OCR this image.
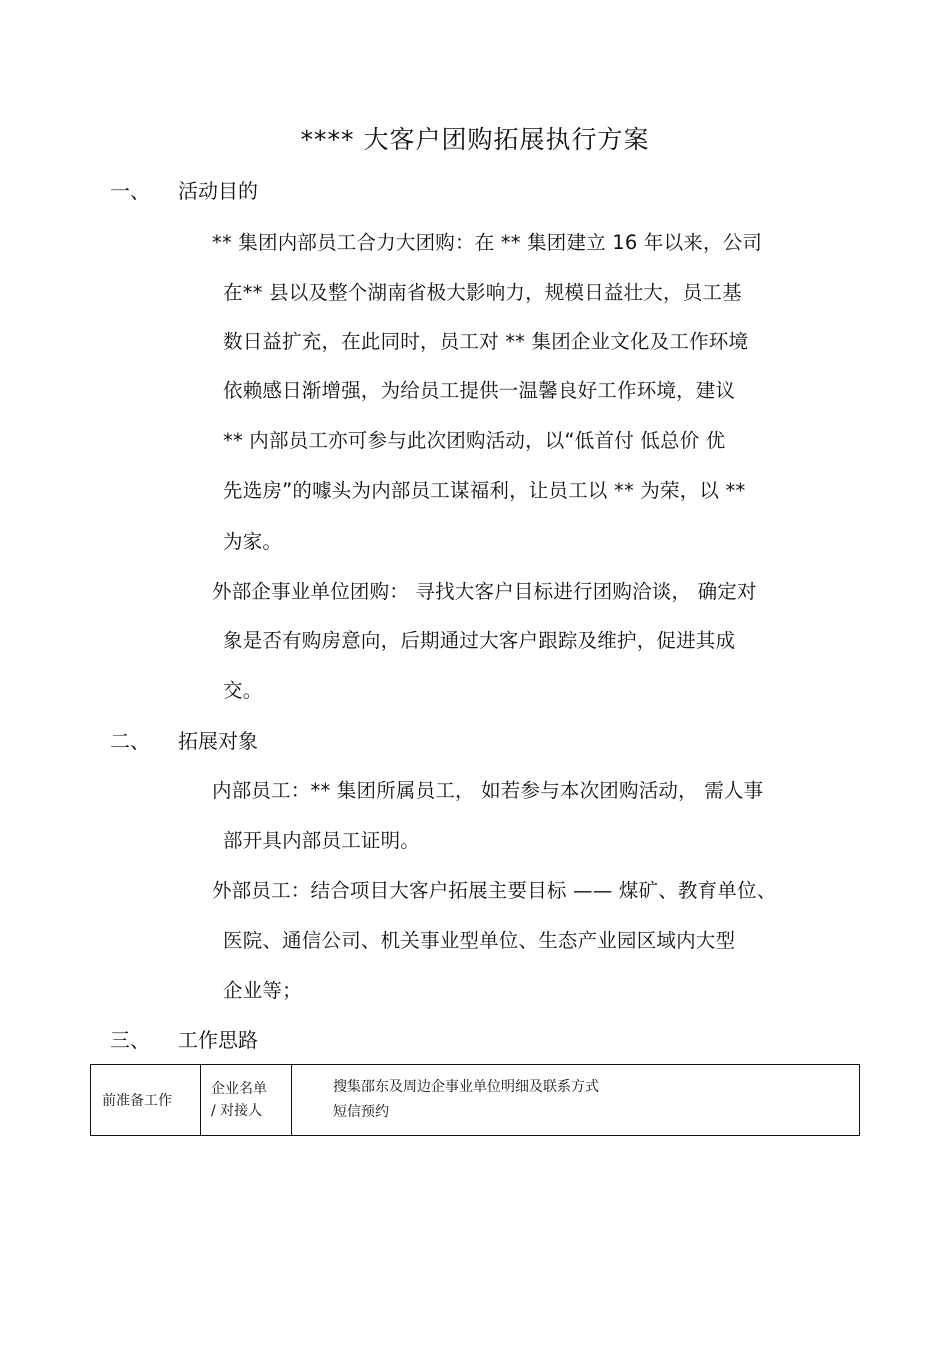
**** 大客户团购拓展执行方案
一、 活动目的
** 集团内部员工合力大团购：在 ** 集团建立 16 年以来，公司
在** 县以及整个湖南省极大影响力，规模日益壮大，员工基
数日益扩充，在此同时，员工对 ** 集团企业文化及工作环境
依赖感日渐增强，为给员工提供一温馨良好工作环境，建议
** 内部员工亦可参与此次团购活动，以“低首付 低总价 优
先选房”的噱头为内部员工谋福利，让员工以 ** 为荣，以 **
为家。
外部企事业单位团购： 寻找大客户目标进行团购洽谈， 确定对
象是否有购房意向，后期通过大客户跟踪及维护，促进其成
交。
二、 拓展对象
内部员工：** 集团所属员工， 如若参与本次团购活动， 需人事
部开具内部员工证明。
外部员工：结合项目大客户拓展主要目标 —— 煤矿、教育单位、
医院、通信公司、机关事业型单位、生态产业园区域内大型
企业等；
三、 工作思路
前准备工作
企业名单
/ 对接人
搜集邵东及周边企事业单位明细及联系方式
短信预约
